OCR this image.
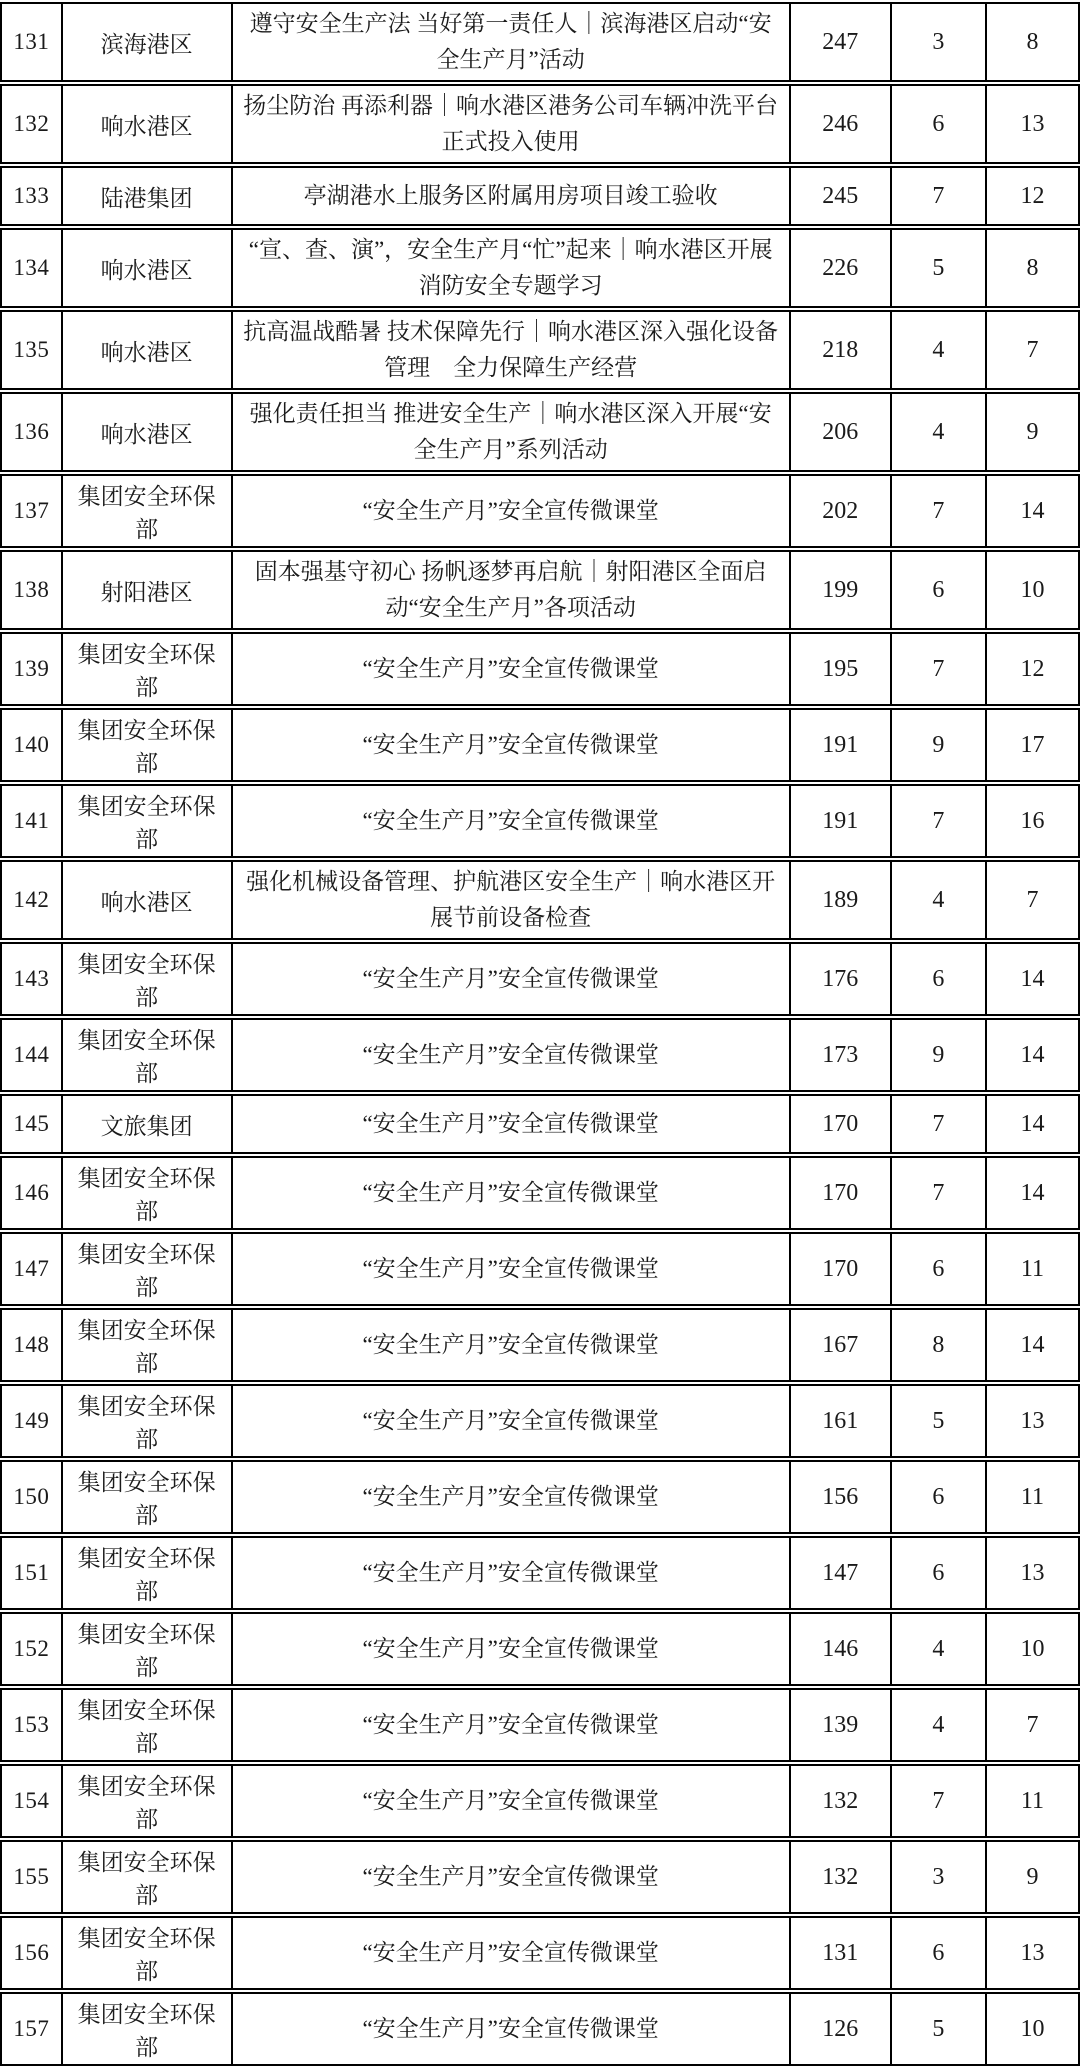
131	滨海港区	遵守安全生产法 当好第一责任人｜滨海港区启动“安全生产月”活动	247	3	8
132	响水港区	扬尘防治 再添利器｜响水港区港务公司车辆冲洗平台正式投入使用	246	6	13
133	陆港集团	亭湖港水上服务区附属用房项目竣工验收	245	7	12
134	响水港区	“宣、查、演”，安全生产月“忙”起来｜响水港区开展消防安全专题学习	226	5	8
135	响水港区	抗高温战酷暑 技术保障先行｜响水港区深入强化设备管理　全力保障生产经营	218	4	7
136	响水港区	强化责任担当 推进安全生产｜响水港区深入开展“安全生产月”系列活动	206	4	9
137	集团安全环保部	“安全生产月”安全宣传微课堂	202	7	14
138	射阳港区	固本强基守初心 扬帆逐梦再启航｜射阳港区全面启动“安全生产月”各项活动	199	6	10
139	集团安全环保部	“安全生产月”安全宣传微课堂	195	7	12
140	集团安全环保部	“安全生产月”安全宣传微课堂	191	9	17
141	集团安全环保部	“安全生产月”安全宣传微课堂	191	7	16
142	响水港区	强化机械设备管理、护航港区安全生产｜响水港区开展节前设备检查	189	4	7
143	集团安全环保部	“安全生产月”安全宣传微课堂	176	6	14
144	集团安全环保部	“安全生产月”安全宣传微课堂	173	9	14
145	文旅集团	“安全生产月”安全宣传微课堂	170	7	14
146	集团安全环保部	“安全生产月”安全宣传微课堂	170	7	14
147	集团安全环保部	“安全生产月”安全宣传微课堂	170	6	11
148	集团安全环保部	“安全生产月”安全宣传微课堂	167	8	14
149	集团安全环保部	“安全生产月”安全宣传微课堂	161	5	13
150	集团安全环保部	“安全生产月”安全宣传微课堂	156	6	11
151	集团安全环保部	“安全生产月”安全宣传微课堂	147	6	13
152	集团安全环保部	“安全生产月”安全宣传微课堂	146	4	10
153	集团安全环保部	“安全生产月”安全宣传微课堂	139	4	7
154	集团安全环保部	“安全生产月”安全宣传微课堂	132	7	11
155	集团安全环保部	“安全生产月”安全宣传微课堂	132	3	9
156	集团安全环保部	“安全生产月”安全宣传微课堂	131	6	13
157	集团安全环保部	“安全生产月”安全宣传微课堂	126	5	10
